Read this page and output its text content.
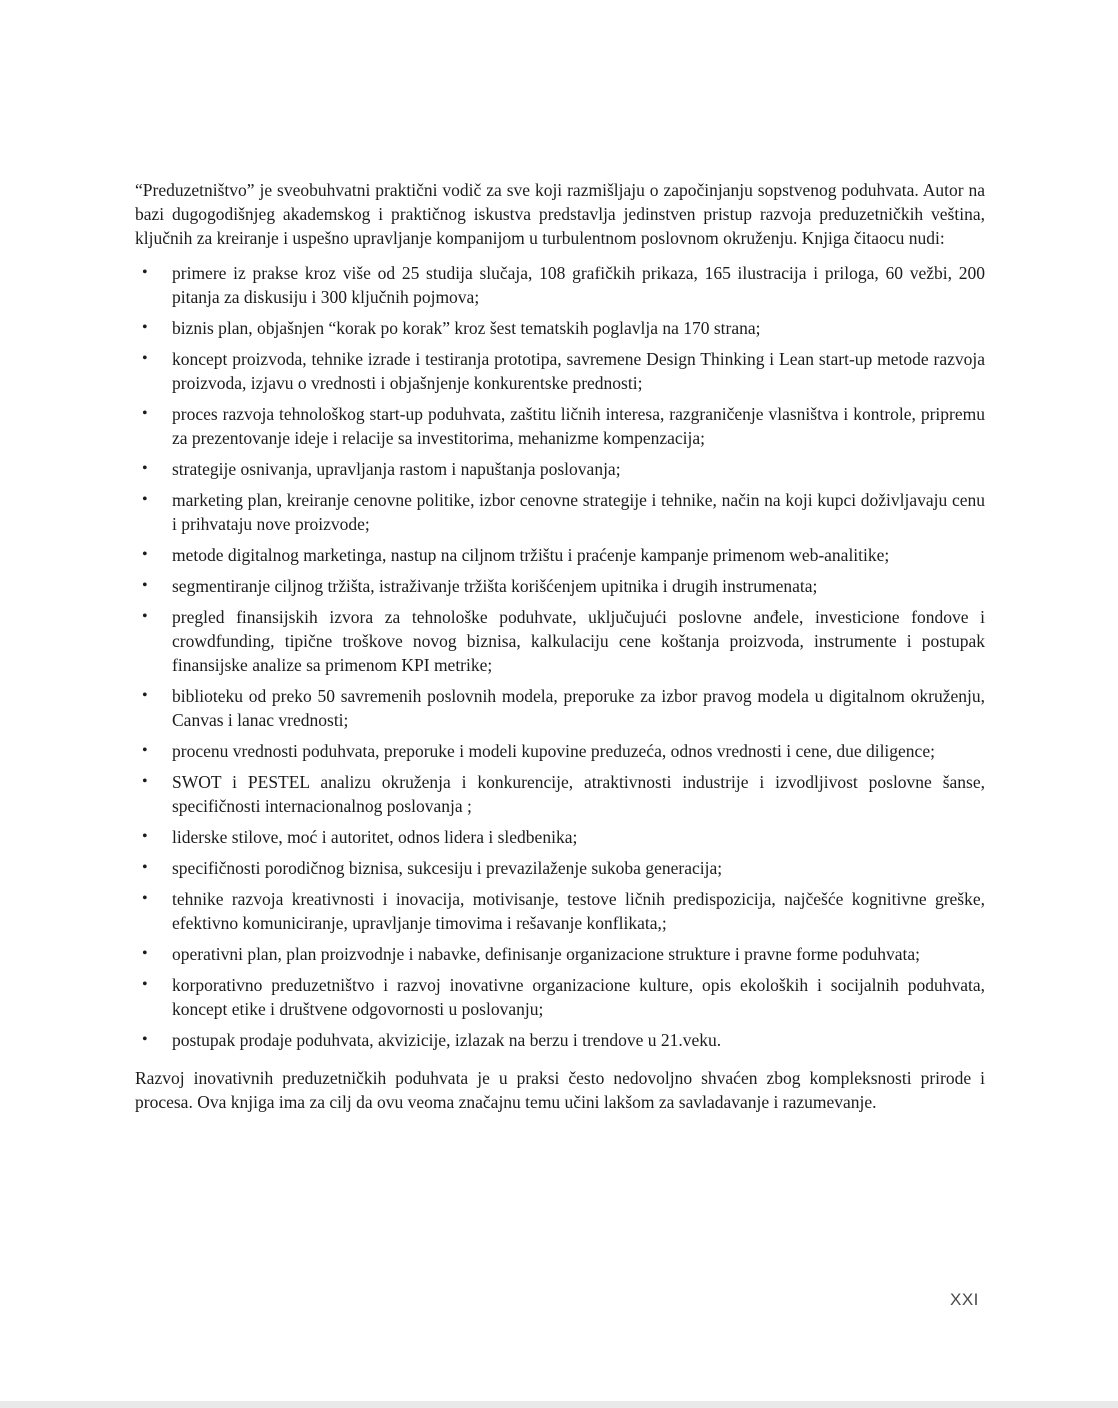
“Preduzetništvo” je sveobuhvatni praktični vodič za sve koji razmišljaju o započinjanju sopstvenog poduhvata. Autor na bazi dugogodišnjeg akademskog i praktičnog iskustva predstavlja jedinstven pristup razvoja preduzetničkih veština, ključnih za kreiranje i uspešno upravljanje kompanijom u turbulentnom poslovnom okruženju. Knjiga čitaocu nudi:

• primere iz prakse kroz više od 25 studija slučaja, 108 grafičkih prikaza, 165 ilustracija i priloga, 60 vežbi, 200 pitanja za diskusiju i 300 ključnih pojmova;
• biznis plan, objašnjen “korak po korak” kroz šest tematskih poglavlja na 170 strana;
• koncept proizvoda, tehnike izrade i testiranja prototipa, savremene Design Thinking i Lean start-up metode razvoja proizvoda, izjavu o vrednosti i objašnjenje konkurentske prednosti;
• proces razvoja tehnološkog start-up poduhvata, zaštitu ličnih interesa, razgraničenje vlasništva i kontrole, pripremu za prezentovanje ideje i relacije sa investitorima, mehanizme kompenzacija;
• strategije osnivanja, upravljanja rastom i napuštanja poslovanja;
• marketing plan, kreiranje cenovne politike, izbor cenovne strategije i tehnike, način na koji kupci doživljavaju cenu i prihvataju nove proizvode;
• metode digitalnog marketinga, nastup na ciljnom tržištu i praćenje kampanje primenom web-analitike;
• segmentiranje ciljnog tržišta, istraživanje tržišta korišćenjem upitnika i drugih instrumenata;
• pregled finansijskih izvora za tehnološke poduhvate, uključujući poslovne anđele, investicione fondove i crowdfunding, tipične troškove novog biznisa, kalkulaciju cene koštanja proizvoda, instrumente i postupak finansijske analize sa primenom KPI metrike;
• biblioteku od preko 50 savremenih poslovnih modela, preporuke za izbor pravog modela u digitalnom okruženju, Canvas i lanac vrednosti;
• procenu vrednosti poduhvata, preporuke i modeli kupovine preduzeća, odnos vrednosti i cene, due diligence;
• SWOT i PESTEL analizu okruženja i konkurencije, atraktivnosti industrije i izvodljivost poslovne šanse, specifičnosti internacionalnog poslovanja ;
• liderske stilove, moć i autoritet, odnos lidera i sledbenika;
• specifičnosti porodičnog biznisa, sukcesiju i prevazilaženje sukoba generacija;
• tehnike razvoja kreativnosti i inovacija, motivisanje, testove ličnih predispozicija, najčešće kognitivne greške, efektivno komuniciranje, upravljanje timovima i rešavanje konflikata,;
• operativni plan, plan proizvodnje i nabavke, definisanje organizacione strukture i pravne forme poduhvata;
• korporativno preduzetništvo i razvoj inovativne organizacione kulture, opis ekoloških i socijalnih poduhvata, koncept etike i društvene odgovornosti u poslovanju;
• postupak prodaje poduhvata, akvizicije, izlazak na berzu i trendove u 21.veku.

Razvoj inovativnih preduzetničkih poduhvata je u praksi često nedovoljno shvaćen zbog kompleksnosti prirode i procesa. Ova knjiga ima za cilj da ovu veoma značajnu temu učini lakšom za savladavanje i razumevanje.

XXI
